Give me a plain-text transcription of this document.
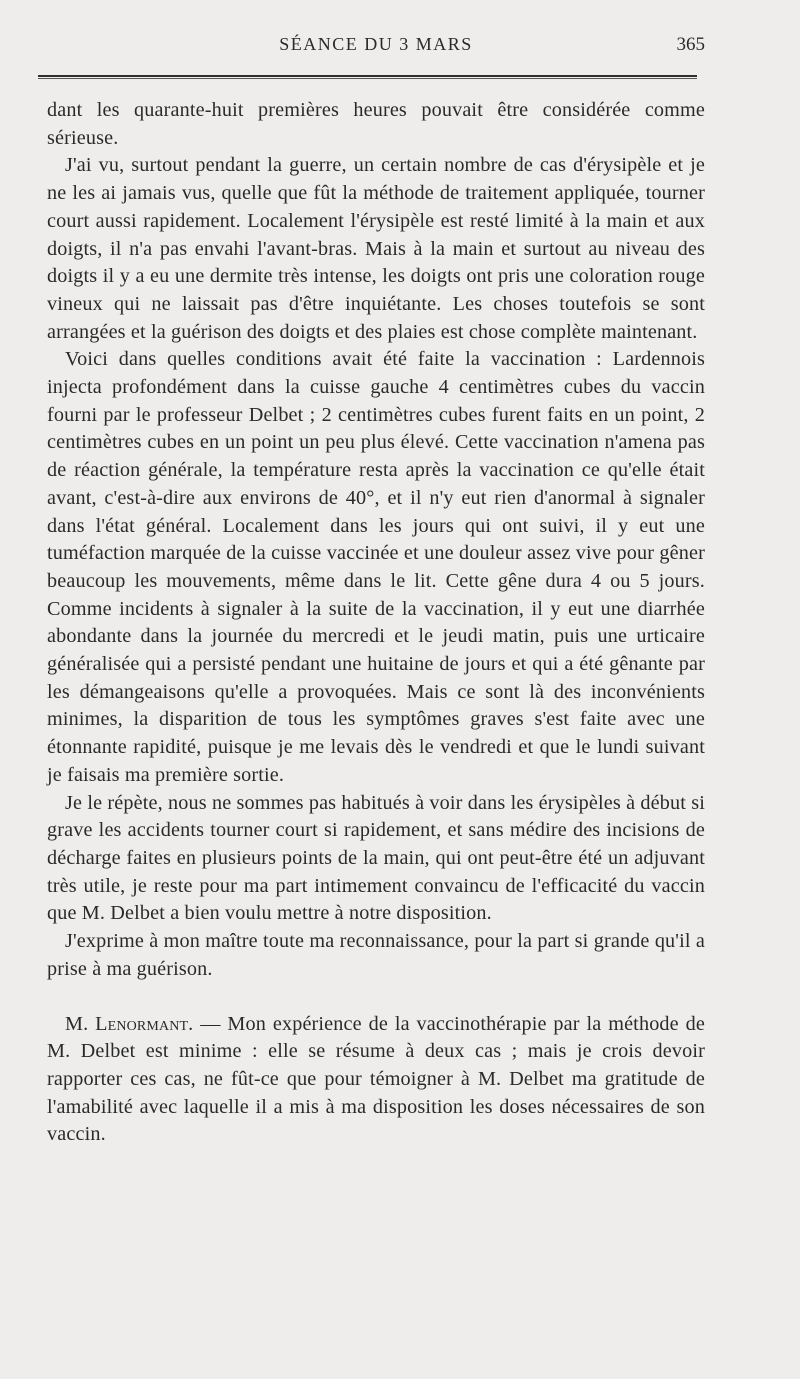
SÉANCE DU 3 MARS	365

dant les quarante-huit premières heures pouvait être considérée comme sérieuse.

J'ai vu, surtout pendant la guerre, un certain nombre de cas d'érysipèle et je ne les ai jamais vus, quelle que fût la méthode de traitement appliquée, tourner court aussi rapidement. Localement l'érysipèle est resté limité à la main et aux doigts, il n'a pas envahi l'avant-bras. Mais à la main et surtout au niveau des doigts il y a eu une dermite très intense, les doigts ont pris une coloration rouge vineux qui ne laissait pas d'être inquiétante. Les choses toutefois se sont arrangées et la guérison des doigts et des plaies est chose complète maintenant.

Voici dans quelles conditions avait été faite la vaccination : Lardennois injecta profondément dans la cuisse gauche 4 centimètres cubes du vaccin fourni par le professeur Delbet ; 2 centimètres cubes furent faits en un point, 2 centimètres cubes en un point un peu plus élevé. Cette vaccination n'amena pas de réaction générale, la température resta après la vaccination ce qu'elle était avant, c'est-à-dire aux environs de 40°, et il n'y eut rien d'anormal à signaler dans l'état général. Localement dans les jours qui ont suivi, il y eut une tuméfaction marquée de la cuisse vaccinée et une douleur assez vive pour gêner beaucoup les mouvements, même dans le lit. Cette gêne dura 4 ou 5 jours. Comme incidents à signaler à la suite de la vaccination, il y eut une diarrhée abondante dans la journée du mercredi et le jeudi matin, puis une urticaire généralisée qui a persisté pendant une huitaine de jours et qui a été gênante par les démangeaisons qu'elle a provoquées. Mais ce sont là des inconvénients minimes, la disparition de tous les symptômes graves s'est faite avec une étonnante rapidité, puisque je me levais dès le vendredi et que le lundi suivant je faisais ma première sortie.

Je le répète, nous ne sommes pas habitués à voir dans les érysipèles à début si grave les accidents tourner court si rapidement, et sans médire des incisions de décharge faites en plusieurs points de la main, qui ont peut-être été un adjuvant très utile, je reste pour ma part intimement convaincu de l'efficacité du vaccin que M. Delbet a bien voulu mettre à notre disposition.

J'exprime à mon maître toute ma reconnaissance, pour la part si grande qu'il a prise à ma guérison.

M. Lenormant. — Mon expérience de la vaccinothérapie par la méthode de M. Delbet est minime : elle se résume à deux cas ; mais je crois devoir rapporter ces cas, ne fût-ce que pour témoigner à M. Delbet ma gratitude de l'amabilité avec laquelle il a mis à ma disposition les doses nécessaires de son vaccin.
